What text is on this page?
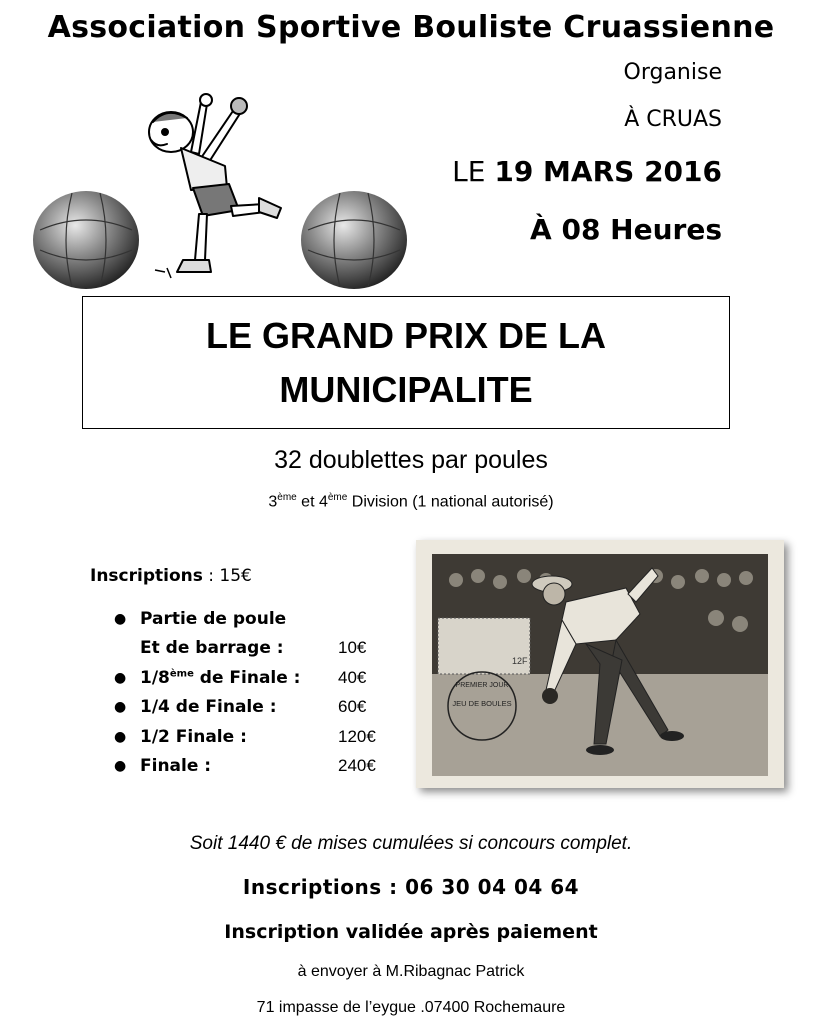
Association Sportive Bouliste Cruassienne
Organise
À CRUAS
LE 19 MARS 2016
À 08 Heures
LE GRAND PRIX DE LA
MUNICIPALITE
32 doublettes par poules
3ème et 4ème Division (1 national autorisé)
Inscriptions : 15€
● Partie de poule
Et de barrage :	10€
● 1/8ème de Finale : 40€
● 1/4 de Finale :	60€
● 1/2 Finale :	120€
● Finale :	240€
12F
PREMIER JOUR
JEU DE BOULES
Soit 1440 € de mises cumulées si concours complet.
Inscriptions : 06 30 04 04 64
Inscription validée après paiement
à envoyer à M.Ribagnac Patrick
71 impasse de l’eygue .07400 Rochemaure
